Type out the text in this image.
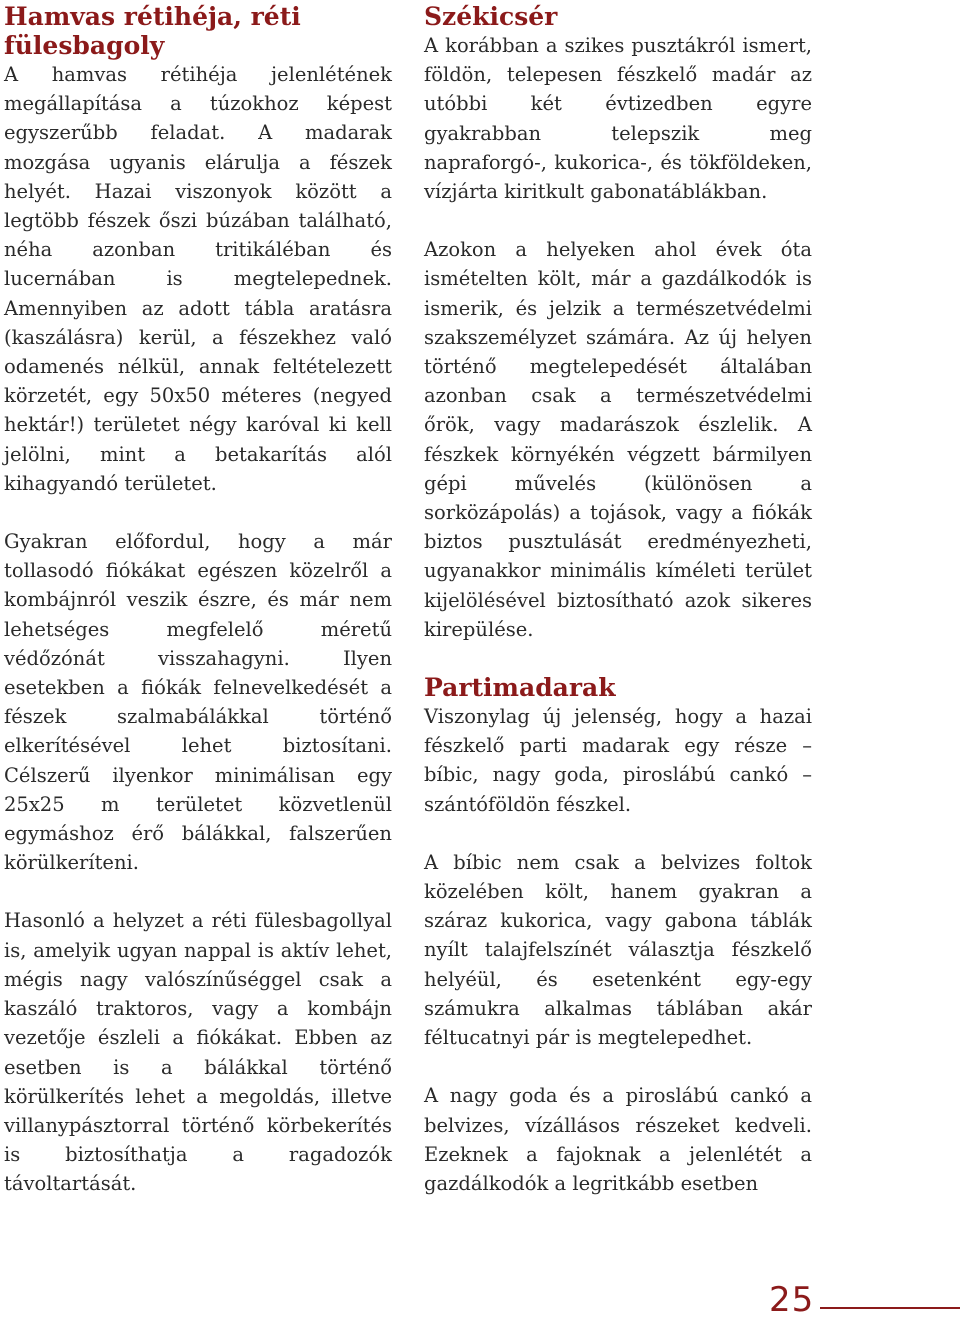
Hamvas rétihéja, réti fülesbagoly

A hamvas rétihéja jelenlétének megállapítása a túzokhoz képest egyszerűbb feladat. A madarak mozgása ugyanis elárulja a fészek helyét. Hazai viszonyok között a legtöbb fészek őszi búzában található, néha azonban tritikáléban és lucernában is megtelepednek. Amennyiben az adott tábla aratásra (kaszálásra) kerül, a fészekhez való odamenés nélkül, annak feltételezett körzetét, egy 50x50 méteres (negyed hektár!) területet négy karóval ki kell jelölni, mint a betakarítás alól kihagyandó területet.

Gyakran előfordul, hogy a már tollasodó fiókákat egészen közelről a kombájnról veszik észre, és már nem lehetséges megfelelő méretű védőzónát visszahagyni. Ilyen esetekben a fiókák felnevelkedését a fészek szalmabálákkal történő elkerítésével lehet biztosítani. Célszerű ilyenkor minimálisan egy 25x25 m területet közvetlenül egymáshoz érő bálákkal, falszerűen körülkeríteni.

Hasonló a helyzet a réti fülesbagollyal is, amelyik ugyan nappal is aktív lehet, mégis nagy valószínűséggel csak a kaszáló traktoros, vagy a kombájn vezetője észleli a fiókákat. Ebben az esetben is a bálákkal történő körülkerítés lehet a megoldás, illetve villanypásztorral történő körbekerítés is biztosíthatja a ragadozók távoltartását.

Székicsér

A korábban a szikes pusztákról ismert, földön, telepesen fészkelő madár az utóbbi két évtizedben egyre gyakrabban telepszik meg napraforgó-, kukorica-, és tökföldeken, vízjárta kiritkult gabonatáblákban.

Azokon a helyeken ahol évek óta ismételten költ, már a gazdálkodók is ismerik, és jelzik a természetvédelmi szakszemélyzet számára. Az új helyen történő megtelepedését általában azonban csak a természetvédelmi őrök, vagy madarászok észlelik. A fészkek környékén végzett bármilyen gépi művelés (különösen a sorközápolás) a tojások, vagy a fiókák biztos pusztulását eredményezheti, ugyanakkor minimális kíméleti terület kijelölésével biztosítható azok sikeres kirepülése.

Partimadarak

Viszonylag új jelenség, hogy a hazai fészkelő parti madarak egy része – bíbic, nagy goda, piroslábú cankó – szántóföldön fészkel.

A bíbic nem csak a belvizes foltok közelében költ, hanem gyakran a száraz kukorica, vagy gabona táblák nyílt talajfelszínét választja fészkelő helyéül, és esetenként egy-egy számukra alkalmas táblában akár féltucatnyi pár is megtelepedhet.

A nagy goda és a piroslábú cankó a belvizes, vízállásos részeket kedveli. Ezeknek a fajoknak a jelenlétét a gazdálkodók a legritkább esetben

25
